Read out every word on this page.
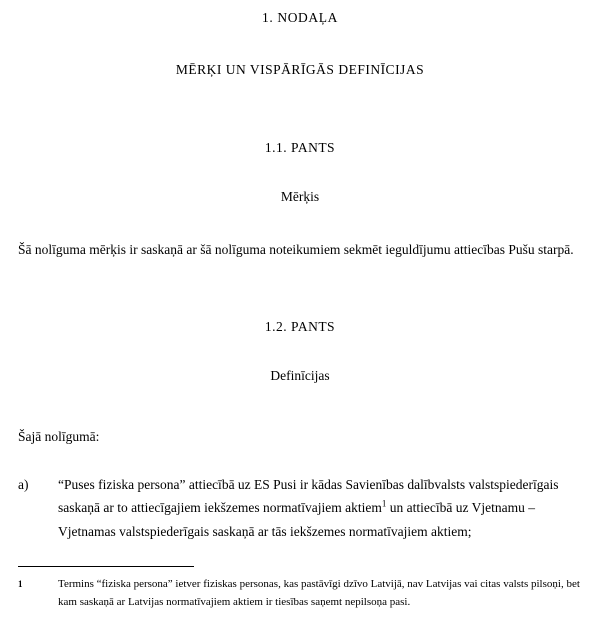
1. NODAĻA
MĒRĶI UN VISPĀRĪGĀS DEFINĪCIJAS
1.1. PANTS
Mērķis
Šā nolīguma mērķis ir saskaņā ar šā nolīguma noteikumiem sekmēt ieguldījumu attiecības Pušu starpā.
1.2. PANTS
Definīcijas
Šajā nolīgumā:
a)	“Puses fiziska persona” attiecībā uz ES Pusi ir kādas Savienības dalībvalsts valstspiederīgais saskaņā ar to attiecīgajiem iekšzemes normatīvajiem aktiem$^1$ un attiecībā uz Vjetnamu – Vjetnamas valstspiederīgais saskaņā ar tās iekšzemes normatīvajiem aktiem;
1	Termins “fiziska persona” ietver fiziskas personas, kas pastāvīgi dzīvo Latvijā, nav Latvijas vai citas valsts pilsoņi, bet kam saskaņā ar Latvijas normatīvajiem aktiem ir tiesības saņemt nepilsoņa pasi.
